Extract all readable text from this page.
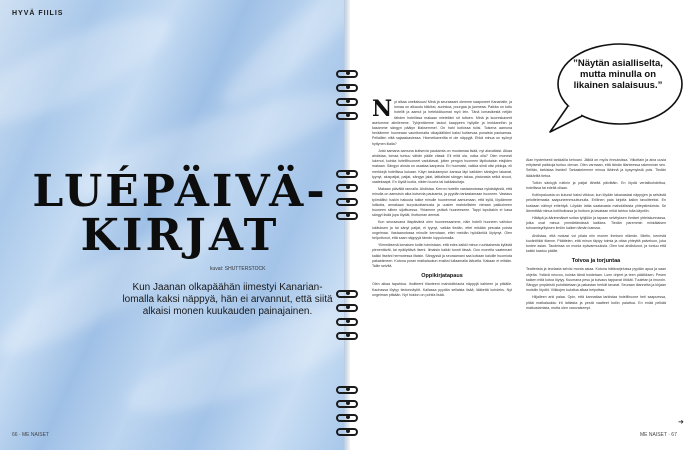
HYVÄ FIILIS
LUÉPÄIVÄ-
KIRJAT
kuvat: SHUTTERSTOCK
Kun Jaanan olkapäähän iimestyi Kanarian-lomalla kaksi näppyä, hän ei arvannut, että siitä alkaisi monen kuukauden painajainen.
66 · ME NAISET
”Näytän asialliselta, mutta minulla on likainen salaisuus.”
N yt alkaa uneliaisuus! Minä ja seurassani olemme saapuneet Kanarialle, ja lomaa on alkaudu kikkiksi, aurinkoa, pourgaa ja juomeaa. Paikka on tuttu hotellit ja aamut ja hetekkätuomat myö lein. Tänä lomasikestä neljän tähden hotellissa makaan mielelläni sit tuttuen. Minä ja kuoreskaverit asetumme aiinllemme. Tyhjentämme laukut kaappeen hyllyille ja lenkkareihin ja kasamme sängyn päälyn illaksemme!. On hahi kotiossa tulisi. Toisena aamuna heräämme huoneaan vaunttomalta olkapäällämi kaksi kutisevaa punaista paukamaa. Pellaillen niitä sajaaskasiessa. Hiomeikaverilta ei ole näppyjä. Ehkä minua on syönyt hyttynen illalla?

Jotai samana aamuna kutisevia paukamia on muutamaa lisää, nyt alavaltaisi. Alkaa ahdistaa, lomaa tuntuu vähän pääle vässä: Eli mitä ola, voika olla? Olen monesti lukenut, kuinka hotellihuoneet vaduttavat, jotien pengon huoneen läpikotaisin etsijiden makaan. Sängyn alusta on osastaa kanpavia. En huomaisi, vaikka siinä olisi pikkuja, eli merkkejä hotellissa kukaan. Käyn taskulampun kanssa läpi kaikkien sänkyjen lakanat, tyynyt, aluspatjat, patjat, sängyn jalat, lattialistat sängyn takaa, pistorasia selkä sivuut, vaatekaapit. En löydä luotia, niiden kuoria tai kakkakuitaja.

Makaan päivällä rannalla. Ahdistaa. Kerron hotellin vastaanotossa nykäsäyksiä, että minulla on aamuisin aika kutsevia paukamia, ja pyydän tarkastamaan huoneen. Vastaus työmällisi: tuskin hakuuta tukke minulle huonenmat aamumaan, että kyllä, löydämme lutikoita, annakaan kurpuluottamusta ja uusien mahdollisten vieraan pakkoineen huoneen siihen sijoittuessa. Yhtamme ystävä huoneeseen. Tappi lopultakin ei kasa sängyt lisää jopa löydät, ihottuman ammat.

Kun seuraavana iltapäivänä olen huoneessamme, näin hotelli huoneen vaihdon lukituksen ja tai sänyt patjat, ei tyynyt, vaikka tiedän, ettei mikään pesusta poista ongelmaa. Vastaanotossa minulle kerrotaan, ettei meidän hyödäntöä löytynyt. Olen helpottunut, että saan näppyyä tämän loppulomalla.

Ylimmäisenä lomaisen kotiin toimistaan, että edes kaikki minun ruuhkaisesta kylästä pienentävät, tai epäilyttävä itseni. Ilmaisin kaikki tunnit tässä. Oon monella vaatemani kaikki itseäni hermotessa iltaisin. Sängyssä ja seuraamani saa kotiaan kaluille huomiota pakastimeen. Kotona puran matkalaukun ensiksi tullaamalla laituella. Kakaan ei mitään. Tailin selvitä.

Oppikirjatapaus

Olen aikaa tapahtua. Ihoitteeni tilanteeni mahdottiriauta näppyjä kahteen ja pitkälle. Kauhassa löytyy tiedonnäytöt. Kailassa pyydän sellaista lisää, lääkettä kohdeks. Nyt ongelman pitkään. Nyt hoidon on pohtia lisää.

Alan hysterisesti tarkkailla kehoani. Jälkiä on myös rinnuksissa. Viikottain ja aina uusia erityisesti paikkoja tuntuu olevan. Olen varmaan, että tämän tilanteessa rakennnan sen. Selitän, tarkistaa itseäni! Tarkastelemme minua lähinnä ja kysymyksiä pois. Tiedän lääkäriltä tietoa.

Tutkin sänkyjä rutiinin ja patjat läheltä päivittäin. En löydä vertailkohdettua, hotellissa tai edellä ollaan.

Kotiinpaluusta on kulunut kaksi viikkoa, kun löydän lakanastasi näppyjen ja selvästä pelottelemasta saapuneenmuuttunuita. Erillinen pala kirjoita kaikin tavoitteeksi. En koskaan nähnyt eritehtyä. Löydän lattia saatavasta mahdollisista yhteystiedoista. Se lämmittää minua kotiihoitossa ja hoitoon ja tavataan mikä tahtoo tulla käyntiin.

Hätäpä ja äärimmäiset soitan tyhjiöön ja tapaan selvityksen ihmiset yhteiskunnassa, jotka ovat minua ymmärtämässä kaikkea. Tiedän paremmin minkälaisen tuhoamisyrityksen ilmiön kaiken tämän kanssa.

Ahdistaa, että mokasi voi pilata niin monen ihmisen elämän. Mietin, kenestä kuolinitiikki tilanne. Päättelen, että minun täytyy toimia ja ottaa yhteyttä palveluun, joka tuntee asian. Taudeissa on monia epävarmuuksia. Olen tosi ahdistunut, ja tuntuu että kaikki kaatuu päälle.

Toivoa ja torjuntaa

Teatterista ja teoriasta selvisi monta asiaa. Kotona hätävarjelussa pyydän apua ja saan ohjeita. Ystävä neuvoo, kuinka tämä hoidetaan. Luen ohjeet ja teen päätöksen. Pesen kaiken mitä kotoa löytyy. Kuumana pesu ja kuivaus tappavat ötökät. Tuuletan ja imuroin. Sängyn ympäristö puhdistetaan ja pakastan herkät tavarat. Seuraan tilannetta ja kirjaan muistiin löydöt. Viikkojen kuluttua alkaa helpottaa.

Hiljalleen arki palaa. Opin, että kannattaa tarkistaa hotellihuone heti saapuessa, pitää matkalaukku irti lattiasta ja pestä vaatteet kotiin palattua. En enää pelkää matkustamista, mutta olen varovaisempi.

➜
ME NAISET · 67
